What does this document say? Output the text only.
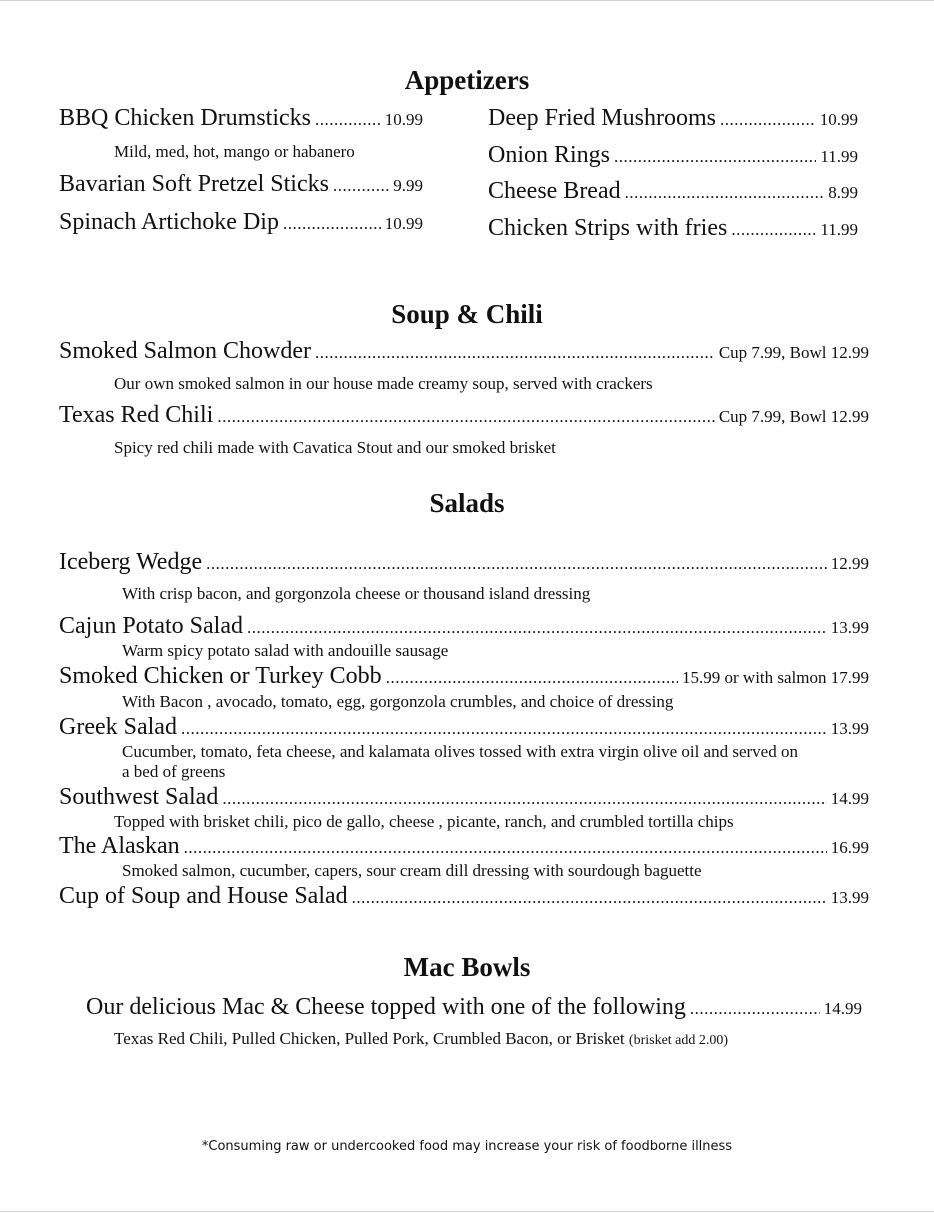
Appetizers
BBQ Chicken Drumsticks .....	10.99
Mild, med, hot, mango or habanero
Bavarian Soft Pretzel Sticks .....	9.99
Spinach Artichoke Dip .....	10.99
Deep Fried Mushrooms .....	10.99
Onion Rings .....	11.99
Cheese Bread .....	8.99
Chicken Strips with fries .....	11.99
Soup & Chili
Smoked Salmon Chowder .....	Cup 7.99, Bowl 12.99
Our own smoked salmon in our house made creamy soup, served with crackers
Texas Red Chili .....	Cup 7.99, Bowl 12.99
Spicy red chili made with Cavatica Stout and our smoked brisket
Salads
Iceberg Wedge .....	12.99
With crisp bacon, and gorgonzola cheese or thousand island dressing
Cajun Potato Salad .....	13.99
Warm spicy potato salad with andouille sausage
Smoked Chicken or Turkey Cobb .....	15.99 or with salmon 17.99
With Bacon , avocado, tomato, egg, gorgonzola crumbles, and choice of dressing
Greek Salad .....	13.99
Cucumber, tomato, feta cheese, and kalamata olives tossed with extra virgin olive oil and served on
a bed of greens
Southwest Salad .....	14.99
Topped with brisket chili, pico de gallo, cheese , picante, ranch, and crumbled tortilla chips
The Alaskan .....	16.99
Smoked salmon, cucumber, capers, sour cream dill dressing with sourdough baguette
Cup of Soup and House Salad .....	13.99
Mac Bowls
Our delicious Mac & Cheese topped with one of the following .....	14.99
Texas Red Chili, Pulled Chicken, Pulled Pork, Crumbled Bacon, or Brisket (brisket add 2.00)
*Consuming raw or undercooked food may increase your risk of foodborne illness
